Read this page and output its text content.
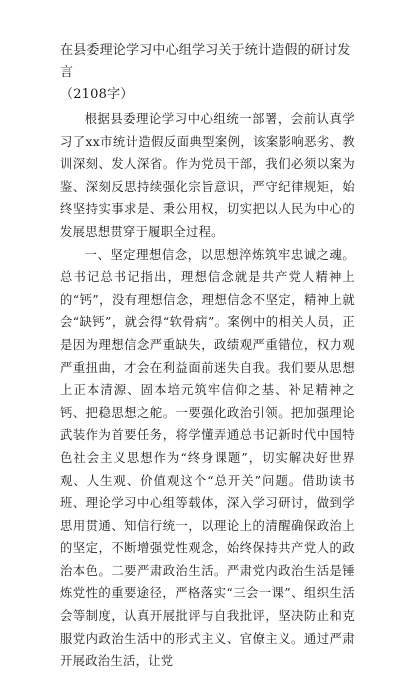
在县委理论学习中心组学习关于统计造假的研讨发言
（2108字）

根据县委理论学习中心组统一部署，会前认真学习了xx市统计造假反面典型案例，该案影响恶劣、教训深刻、发人深省。作为党员干部，我们必须以案为鉴、深刻反思持续强化宗旨意识，严守纪律规矩，始终坚持实事求是、秉公用权，切实把以人民为中心的发展思想贯穿于履职全过程。

一、坚定理想信念，以思想淬炼筑牢忠诚之魂。总书记总书记指出，理想信念就是共产党人精神上的“钙”，没有理想信念，理想信念不坚定，精神上就会“缺钙”，就会得“软骨病”。案例中的相关人员，正是因为理想信念严重缺失，政绩观严重错位，权力观严重扭曲，才会在利益面前迷失自我。我们要从思想上正本清源、固本培元筑牢信仰之基、补足精神之钙、把稳思想之舵。一要强化政治引领。把加强理论武装作为首要任务，将学懂弄通总书记新时代中国特色社会主义思想作为“终身课题”，切实解决好世界观、人生观、价值观这个“总开关”问题。借助读书班、理论学习中心组等载体，深入学习研讨，做到学思用贯通、知信行统一，以理论上的清醒确保政治上的坚定，不断增强党性观念，始终保持共产党人的政治本色。二要严肃政治生活。严肃党内政治生活是锤炼党性的重要途径，严格落实“三会一课”、组织生活会等制度，认真开展批评与自我批评，坚决防止和克服党内政治生活中的形式主义、官僚主义。通过严肃开展政治生活，让党
